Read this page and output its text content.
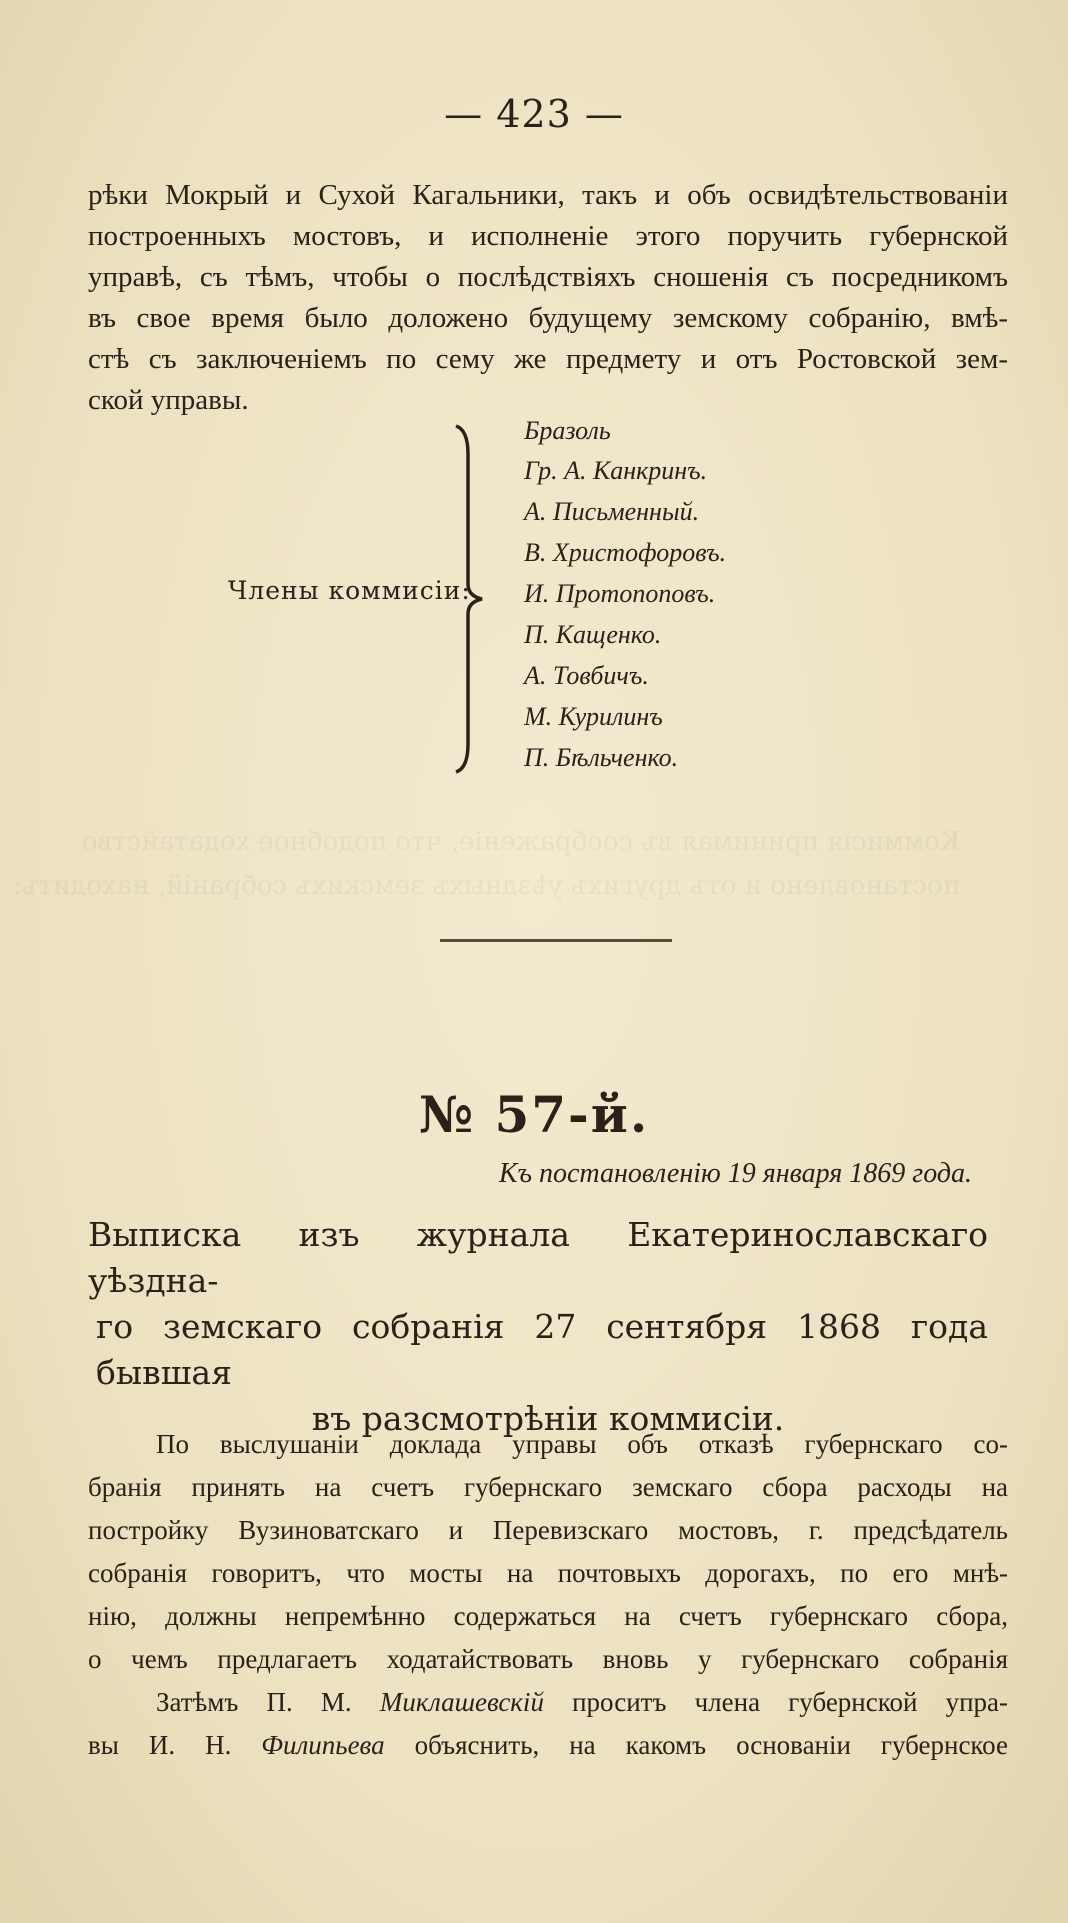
Коммисія принимая въ соображеніе, что подобное ходатайство
постановлено и отъ другихъ уѣздныхъ земскихъ собраній, находитъ:
— 423 —
рѣки Мокрый и Сухой Кагальники, такъ и объ освидѣтельствованіи
построенныхъ мостовъ, и исполненіе этого поручить губернской
управѣ, съ тѣмъ, чтобы о послѣдствіяхъ сношенія съ посредникомъ
въ свое время было доложено будущему земскому собранію, вмѣ-
стѣ съ заключеніемъ по сему же предмету и отъ Ростовской зем-
ской управы.
Члены коммисіи:
Бразоль
Гр. А. Канкринъ.
А. Письменный.
В. Христофоровъ.
И. Протопоповъ.
П. Кащенко.
А. Товбичъ.
М. Курилинъ
П. Бѣльченко.
№ 57-й.
Къ постановленію 19 января 1869 года.
Выписка изъ журнала Екатеринославскаго уѣздна-
го земскаго собранія 27 сентября 1868 года бывшая
въ разсмотрѣніи коммисіи.
По выслушаніи доклада управы объ отказѣ губернскаго со-
бранія принять на счетъ губернскаго земскаго сбора расходы на
постройку Вузиноватскаго и Перевизскаго мостовъ, г. предсѣдатель
собранія говоритъ, что мосты на почтовыхъ дорогахъ, по его мнѣ-
нію, должны непремѣнно содержаться на счетъ губернскаго сбора,
о чемъ предлагаетъ ходатайствовать вновь у губернскаго собранія
Затѣмъ П. М. Миклашевскій проситъ члена губернской упра-
вы И. Н. Филипьева объяснить, на какомъ основаніи губернское
